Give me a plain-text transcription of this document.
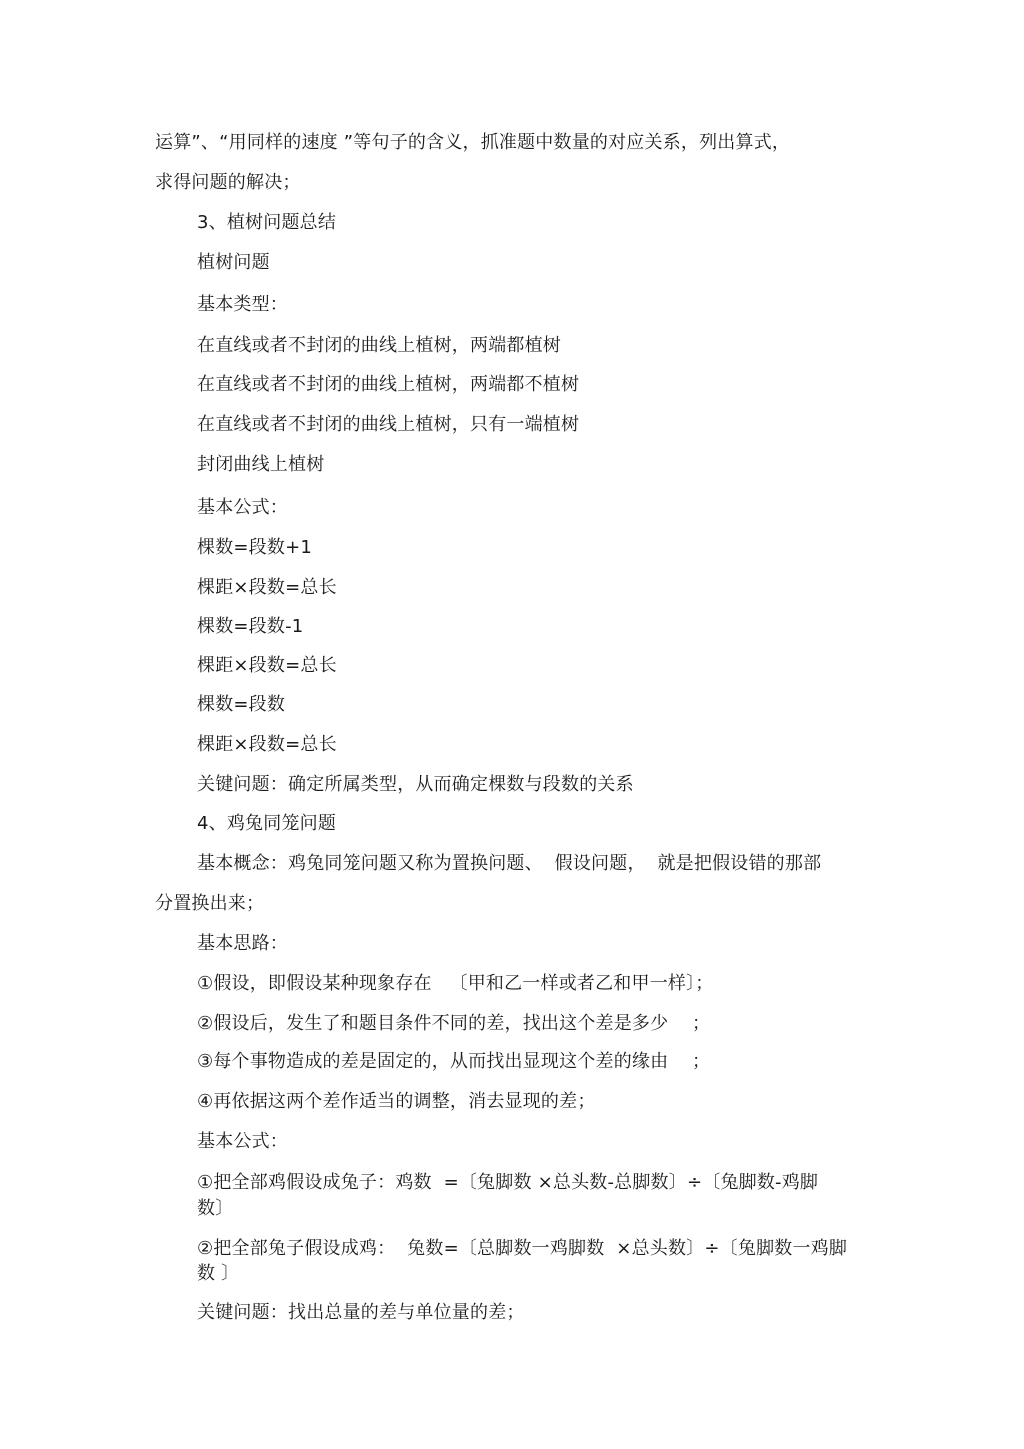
运算”、“用同样的速度 ”等句子的含义，抓准题中数量的对应关系，列出算式，
求得问题的解决；
3、植树问题总结
植树问题
基本类型：
在直线或者不封闭的曲线上植树，两端都植树
在直线或者不封闭的曲线上植树，两端都不植树
在直线或者不封闭的曲线上植树，只有一端植树
封闭曲线上植树
基本公式：
棵数=段数+1
棵距×段数=总长
棵数=段数-1
棵距×段数=总长
棵数=段数
棵距×段数=总长
关键问题：确定所属类型，从而确定棵数与段数的关系
4、鸡兔同笼问题
基本概念：鸡兔同笼问题又称为置换问题、  假设问题，  就是把假设错的那部
分置换出来；
基本思路：
①假设，即假设某种现象存在   〔甲和乙一样或者乙和甲一样〕；
②假设后，发生了和题目条件不同的差，找出这个差是多少    ；
③每个事物造成的差是固定的，从而找出显现这个差的缘由    ；
④再依据这两个差作适当的调整，消去显现的差；
基本公式：
①把全部鸡假设成兔子：鸡数  =〔兔脚数 ×总头数-总脚数〕÷〔兔脚数-鸡脚
数〕
②把全部兔子假设成鸡：  兔数=〔总脚数一鸡脚数  ×总头数〕÷〔兔脚数一鸡脚
数 〕
关键问题：找出总量的差与单位量的差；
